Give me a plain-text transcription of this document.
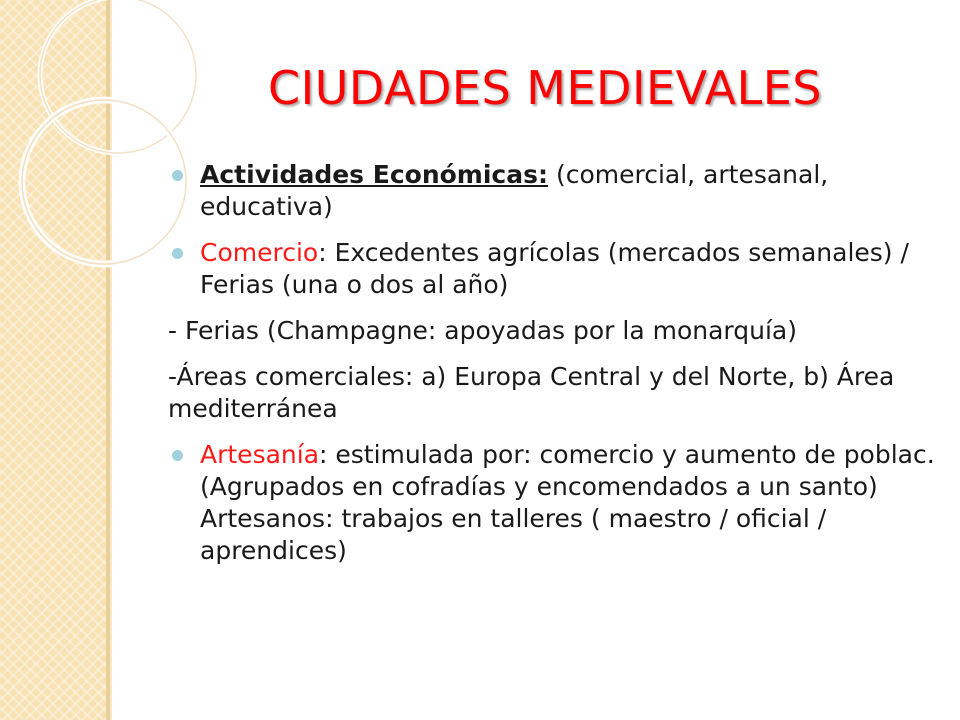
CIUDADES MEDIEVALES
Actividades Económicas: (comercial, artesanal, educativa)
Comercio: Excedentes agrícolas (mercados semanales) / Ferias (una o dos al año)
- Ferias (Champagne: apoyadas por la monarquía)
-Áreas comerciales: a) Europa Central y del Norte, b) Área mediterránea
Artesanía: estimulada por: comercio y aumento de poblac. (Agrupados en cofradías y encomendados a un santo) Artesanos: trabajos en talleres ( maestro / oficial / aprendices)
